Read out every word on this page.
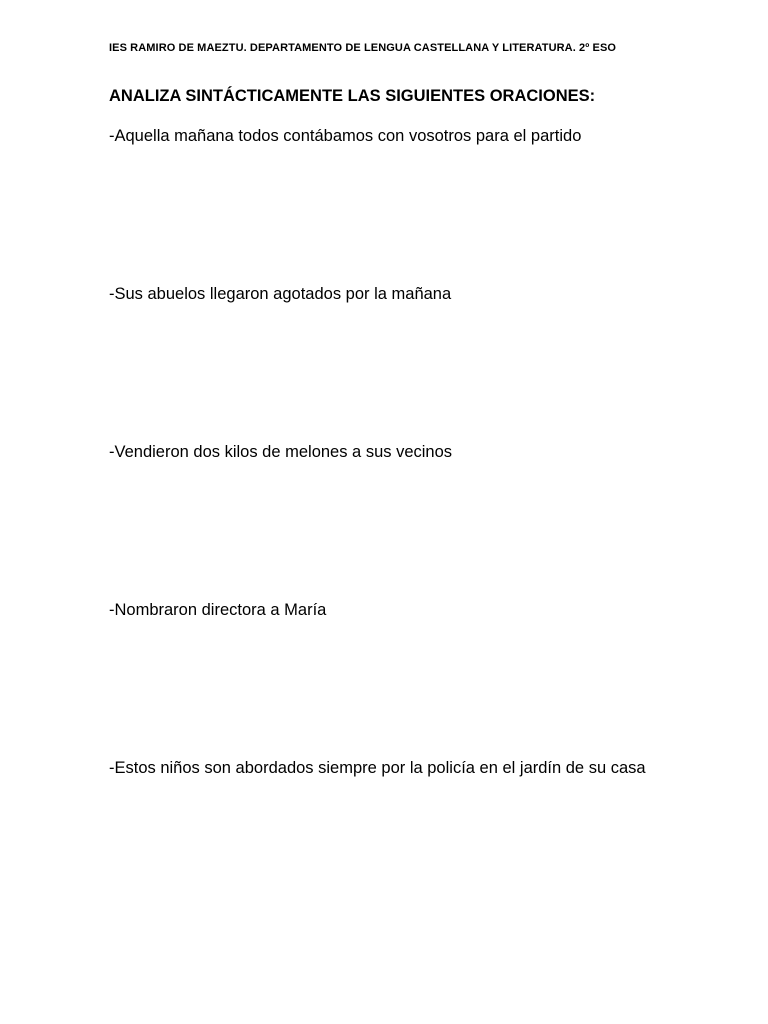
IES RAMIRO DE MAEZTU. DEPARTAMENTO DE LENGUA CASTELLANA Y LITERATURA. 2º ESO
ANALIZA SINTÁCTICAMENTE LAS SIGUIENTES ORACIONES:
-Aquella mañana todos contábamos con vosotros para el partido
-Sus abuelos llegaron agotados por la mañana
-Vendieron dos kilos de melones a sus vecinos
-Nombraron directora a María
-Estos niños son abordados siempre por la policía en el jardín de su casa
